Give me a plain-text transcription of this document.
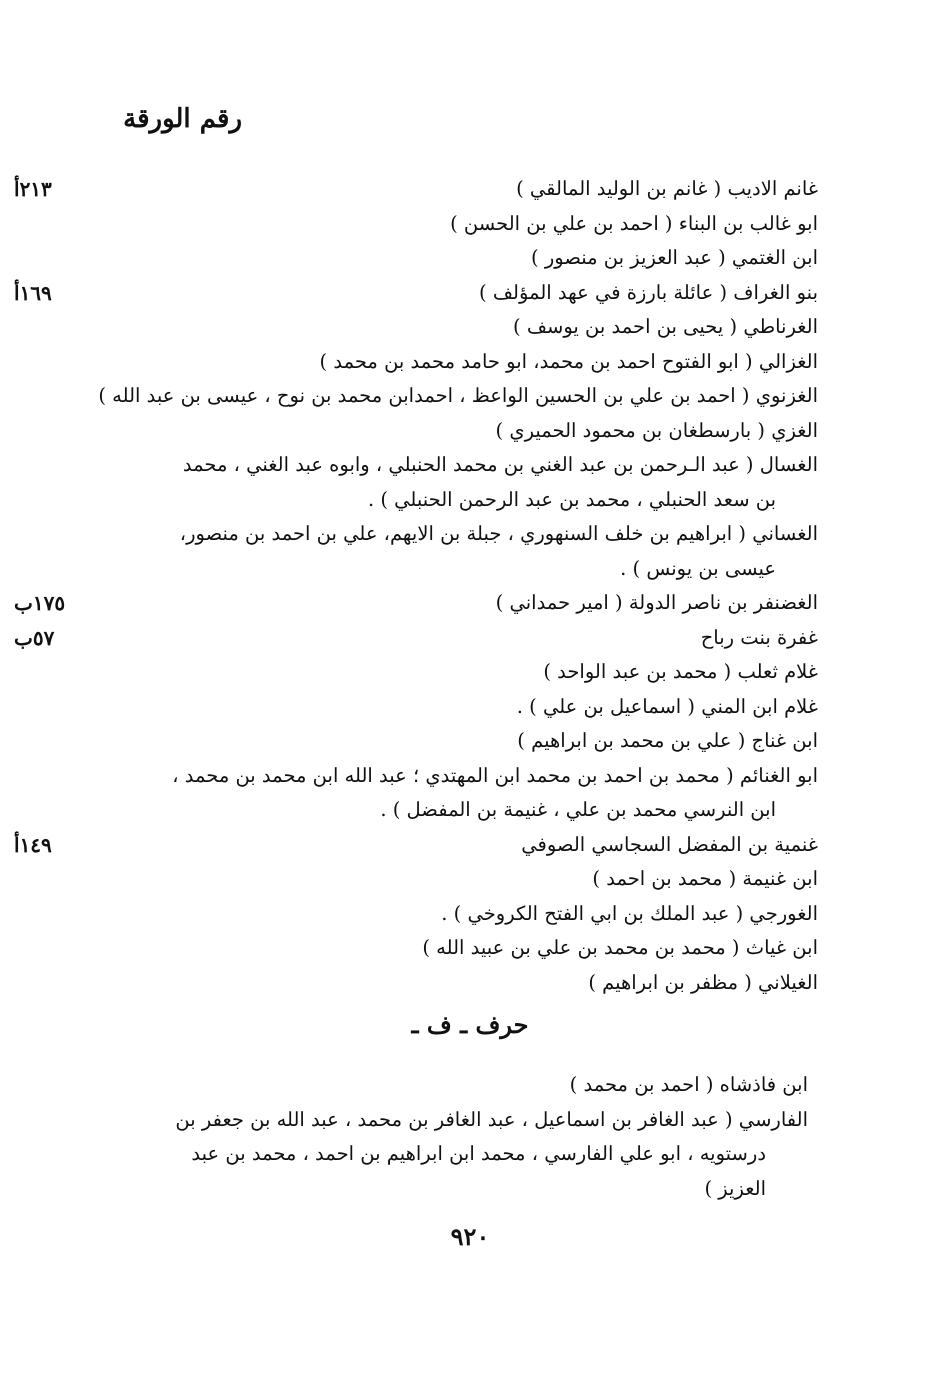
رقم الورقة
غانم الاديب ( غانم بن الوليد المالقي )
٢١٣أ
ابو غالب بن البناء ( احمد بن علي بن الحسن )
ابن الغتمي ( عبد العزيز بن منصور )
بنو الغراف ( عائلة بارزة في عهد المؤلف )
١٦٩أ
الغرناطي ( يحيى بن احمد بن يوسف )
الغزالي ( ابو الفتوح احمد بن محمد، ابو حامد محمد بن محمد )
الغزنوي ( احمد بن علي بن الحسين الواعظ ، احمدابن محمد بن نوح ، عيسى بن عبد الله )
الغزي ( بارسطغان بن محمود الحميري )
الغسال ( عبد الـرحمن بن عبد الغني بن محمد الحنبلي ، وابوه عبد الغني ، محمد
بن سعد الحنبلي ، محمد بن عبد الرحمن الحنبلي ) .
الغساني ( ابراهيم بن خلف السنهوري ، جبلة بن الايهم، علي بن احمد بن منصور،
عيسى بن يونس ) .
الغضنفر بن ناصر الدولة ( امير حمداني )
١٧٥ب
غفرة بنت رباح
٥٧ب
غلام ثعلب ( محمد بن عبد الواحد )
غلام ابن المني ( اسماعيل بن علي ) .
ابن غناج ( علي بن محمد بن ابراهيم )
ابو الغنائم ( محمد بن احمد بن محمد ابن المهتدي ؛ عبد الله ابن محمد بن محمد ،
ابن النرسي محمد بن علي ، غنيمة بن المفضل ) .
غنمية بن المفضل السجاسي الصوفي
١٤٩أ
ابن غنيمة ( محمد بن احمد )
الغورجي ( عبد الملك بن ابي الفتح الكروخي ) .
ابن غياث ( محمد بن محمد بن علي بن عبيد الله )
الغيلاني ( مظفر بن ابراهيم )
حرف ـ ف ـ
ابن فاذشاه ( احمد بن محمد )
الفارسي ( عبد الغافر بن اسماعيل ، عبد الغافر بن محمد ، عبد الله بن جعفر بن
درستويه ، ابو علي الفارسي ، محمد ابن ابراهيم بن احمد ، محمد بن عبد
العزيز )
٩٢٠
